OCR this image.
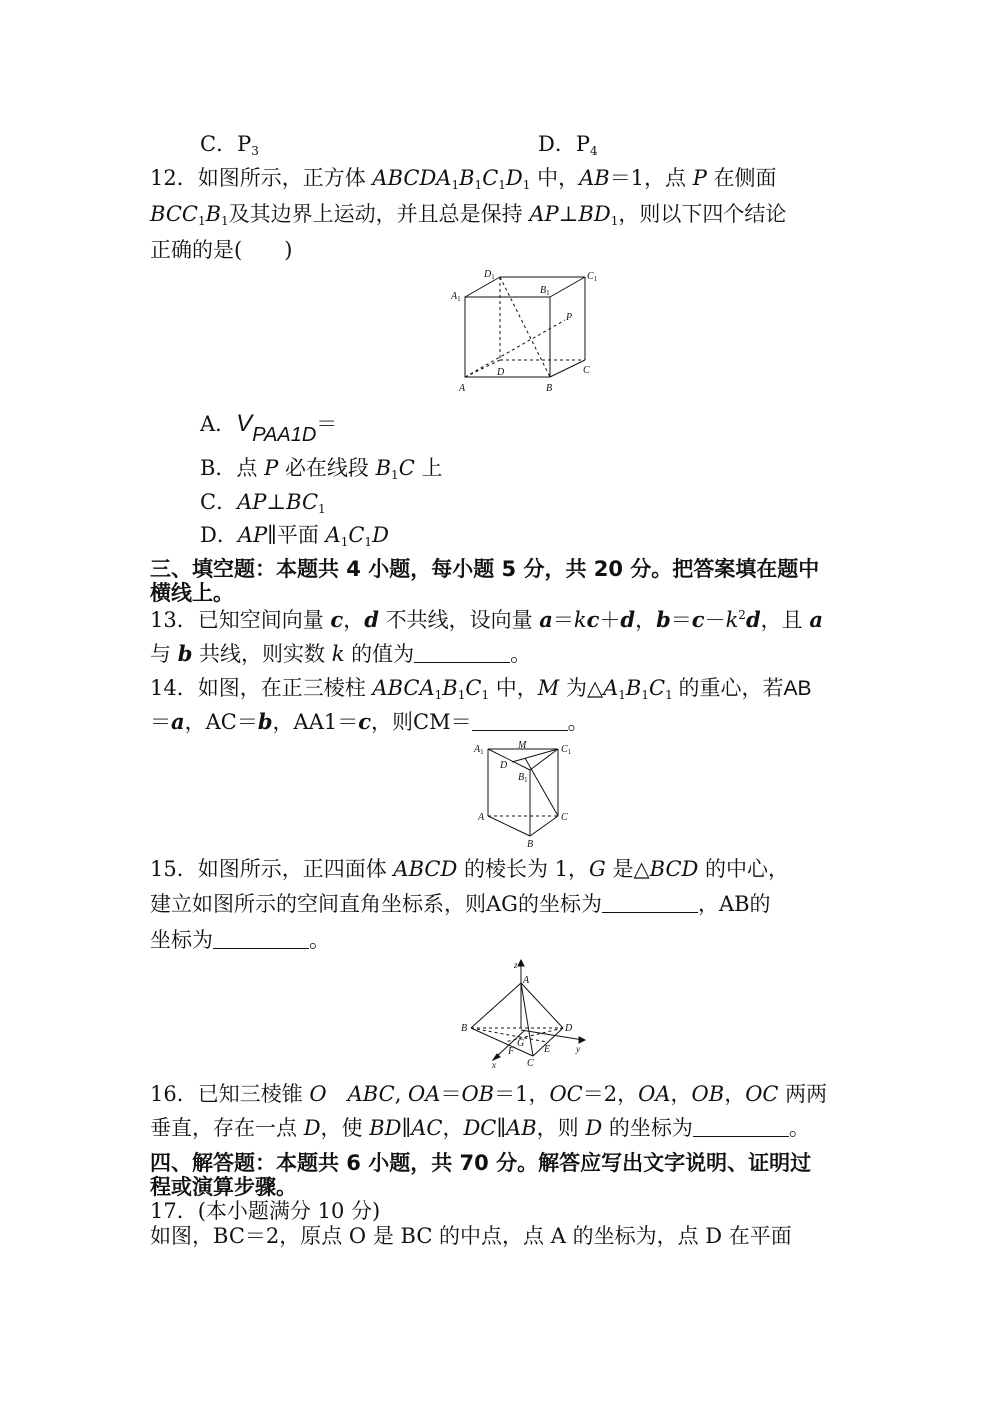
C．$P_3$	D．$P_4$
12．如图所示，正方体 $ABCDA_1B_1C_1D_1$ 中，AB＝1，点 P 在侧面
$BCC_1B_1$及其边界上运动，并且总是保持 $AP\perp BD_1$，则以下四个结论
正确的是(　　)
$D_1$	$C_1$
$A_1$
$B_1$
P
D	C
A	B
A．VPAA1D＝
B．点 P 必在线段 $B_1C$ 上
C．$AP\perp BC_1$
D．AP∥平面 $A_1C_1D$
三、填空题：本题共 4 小题，每小题 5 分，共 20 分。把答案填在题中
横线上。
13．已知空间向量 c，d 不共线，设向量 a＝kc＋d，$b=c-k^2d$，且 a
与 b 共线，则实数 k 的值为	。
14．如图，在正三棱柱 $ABCA_1B_1C_1$ 中，M 为$\triangle A_1B_1C_1$ 的重心，若AB
＝a，AC＝b，AA1＝c，则CM＝	。
$A_1$
M	$C_1$
D
$B_1$
A	C
B
15．如图所示，正四面体 ABCD 的棱长为 1，G 是△BCD 的中心，
建立如图所示的空间直角坐标系，则AG的坐标为	，AB的
坐标为	。
z
A
B	D
G
E
F
C
x
y
16．已知三棱锥 O　 ABC, OA＝OB＝1，OC＝2，OA，OB，OC 两两
垂直，存在一点 D，使 BD∥AC，DC∥AB，则 D 的坐标为	。
四、解答题：本题共 6 小题，共 70 分。解答应写出文字说明、证明过
程或演算步骤。
17．(本小题满分 10 分)
如图，BC＝2，原点 O 是 BC 的中点，点 A 的坐标为，点 D 在平面
